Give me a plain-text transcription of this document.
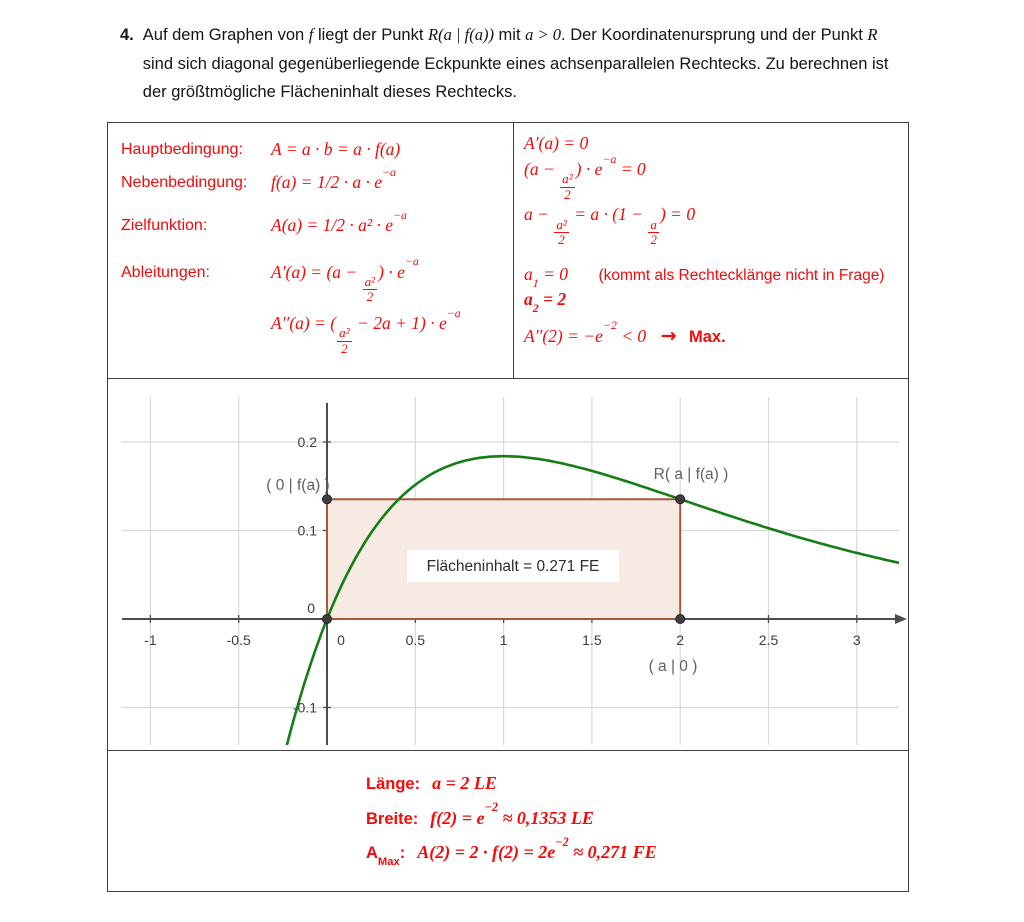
4. Auf dem Graphen von f liegt der Punkt R(a | f(a)) mit a > 0. Der Koordinatenursprung und der Punkt R sind sich diagonal gegenüberliegende Eckpunkte eines achsenparallelen Rechtecks. Zu berechnen ist der größtmögliche Flächeninhalt dieses Rechtecks.
Hauptbedingung:	A = a · b = a · f(a)
Nebenbedingung:	$f(a) = 1/2 \cdot a \cdot e^{-a}$
Zielfunktion:	$A(a) = 1/2 \cdot a^2 \cdot e^{-a}$
Ableitungen:	A′(a) = (a −
$\frac{\text{a²}}{2}$
) · $e^{-a}$
A′′(a) = (
$\frac{\text{a²}}{2}$
− $2a + 1) \cdot e^{-a}$
A′(a) = 0
(a −
$\frac{\text{a²}}{2}$
) · $e^{-a} = 0$
a −
$\frac{\text{a²}}{2}$
= a · (1 −
$\frac{a}{2}$
) = 0
$a_1 = 0$ (kommt als Rechtecklänge nicht in Frage)
$a_2 = 2$
$A''(2) = -e^{-2} < 0$ → Max.
-1	-0.5	0.5	1	1.5	2	2.5	3
-0.1
0.1
0.2
0
0
Flächeninhalt = 0.271 FE
( 0 | f(a) )
R( a | f(a) )
( a | 0 )
Länge: a = 2 LE
Breite: $f(2) = e^{-2} \approx 0,1353$ LE
$A_{Max}$: $A(2) = 2 \cdot f(2) = 2e^{-2} \approx 0,271$ FE
